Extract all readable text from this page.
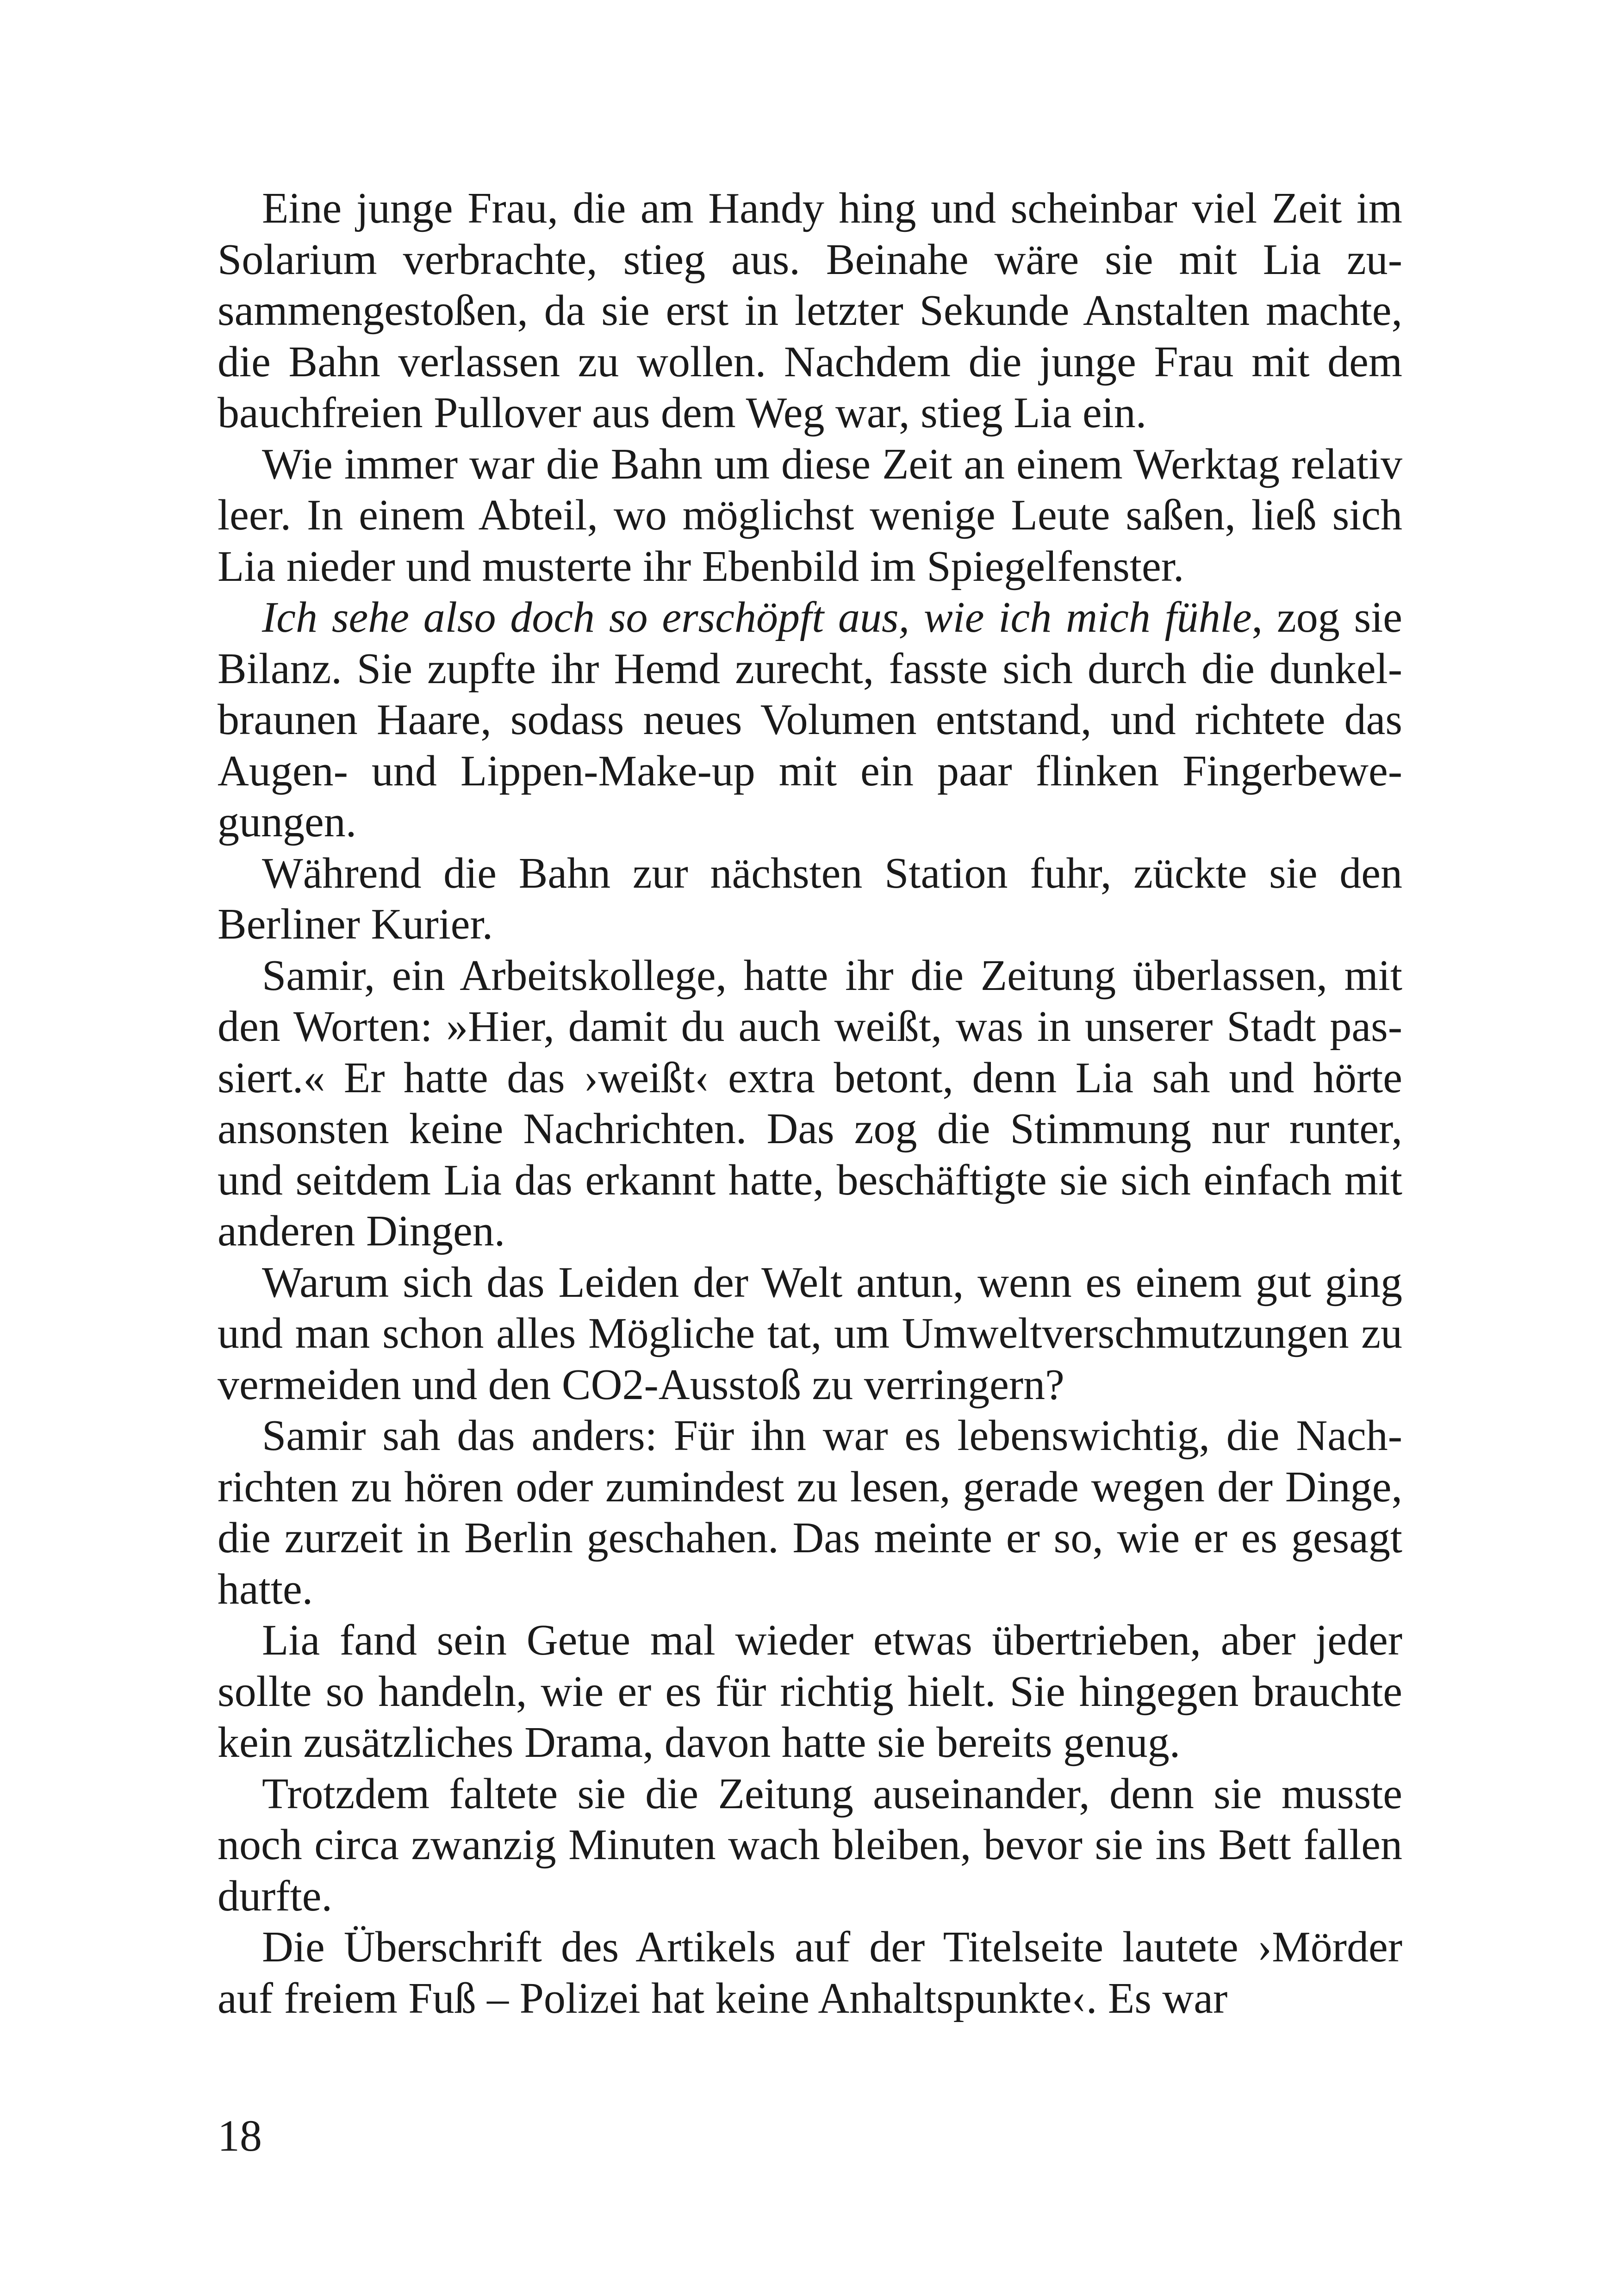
Eine junge Frau, die am Handy hing und scheinbar viel Zeit im Solarium verbrachte, stieg aus. Beinahe wäre sie mit Lia zusammengestoßen, da sie erst in letzter Sekunde Anstalten machte, die Bahn verlassen zu wollen. Nachdem die junge Frau mit dem bauchfreien Pullover aus dem Weg war, stieg Lia ein.

Wie immer war die Bahn um diese Zeit an einem Werktag relativ leer. In einem Abteil, wo möglichst wenige Leute saßen, ließ sich Lia nieder und musterte ihr Ebenbild im Spiegelfenster.

Ich sehe also doch so erschöpft aus, wie ich mich fühle, zog sie Bilanz. Sie zupfte ihr Hemd zurecht, fasste sich durch die dunkelbraunen Haare, sodass neues Volumen entstand, und richtete das Augen- und Lippen-Make-up mit ein paar flinken Fingerbewegungen.

Während die Bahn zur nächsten Station fuhr, zückte sie den Berliner Kurier.

Samir, ein Arbeitskollege, hatte ihr die Zeitung überlassen, mit den Worten: »Hier, damit du auch weißt, was in unserer Stadt passiert.« Er hatte das ›weißt‹ extra betont, denn Lia sah und hörte ansonsten keine Nachrichten. Das zog die Stimmung nur runter, und seitdem Lia das erkannt hatte, beschäftigte sie sich einfach mit anderen Dingen.

Warum sich das Leiden der Welt antun, wenn es einem gut ging und man schon alles Mögliche tat, um Umweltverschmutzungen zu vermeiden und den CO2-Ausstoß zu verringern?

Samir sah das anders: Für ihn war es lebenswichtig, die Nachrichten zu hören oder zumindest zu lesen, gerade wegen der Dinge, die zurzeit in Berlin geschahen. Das meinte er so, wie er es gesagt hatte.

Lia fand sein Getue mal wieder etwas übertrieben, aber jeder sollte so handeln, wie er es für richtig hielt. Sie hingegen brauchte kein zusätzliches Drama, davon hatte sie bereits genug.

Trotzdem faltete sie die Zeitung auseinander, denn sie musste noch circa zwanzig Minuten wach bleiben, bevor sie ins Bett fallen durfte.

Die Überschrift des Artikels auf der Titelseite lautete ›Mörder auf freiem Fuß – Polizei hat keine Anhaltspunkte‹. Es war

18
